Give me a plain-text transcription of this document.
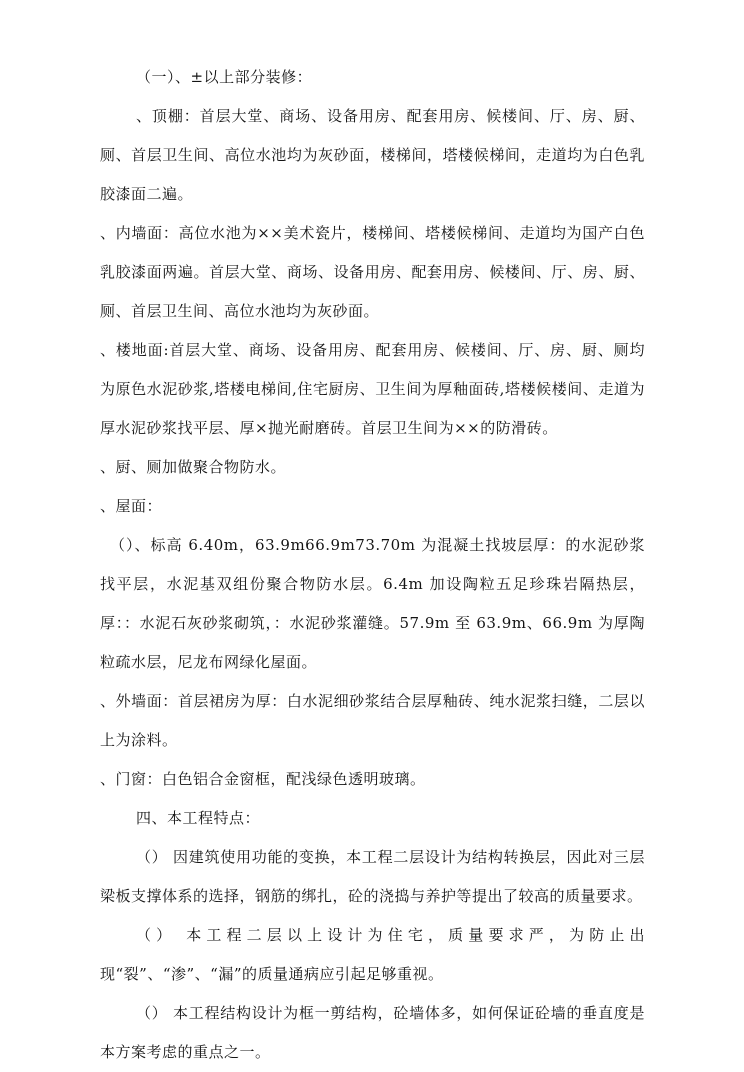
（一）、±以上部分装修：

、顶棚：首层大堂、商场、设备用房、配套用房、候楼间、厅、房、厨、厕、首层卫生间、高位水池均为灰砂面，楼梯间，塔楼候梯间，走道均为白色乳胶漆面二遍。

、内墙面：高位水池为××美术瓷片，楼梯间、塔楼候梯间、走道均为国产白色乳胶漆面两遍。首层大堂、商场、设备用房、配套用房、候楼间、厅、房、厨、厕、首层卫生间、高位水池均为灰砂面。

、楼地面:首层大堂、商场、设备用房、配套用房、候楼间、厅、房、厨、厕均为原色水泥砂浆,塔楼电梯间,住宅厨房、卫生间为厚釉面砖,塔楼候楼间、走道为厚水泥砂浆找平层、厚×抛光耐磨砖。首层卫生间为××的防滑砖。

、厨、厕加做聚合物防水。

、屋面：

（）、标高 6.40m，63.9m66.9m73.70m 为混凝土找坡层厚：的水泥砂浆找平层，水泥基双组份聚合物防水层。6.4m 加设陶粒五足珍珠岩隔热层，厚：：水泥石灰砂浆砌筑，：水泥砂浆灌缝。57.9m 至 63.9m、66.9m 为厚陶粒疏水层，尼龙布网绿化屋面。

、外墙面：首层裙房为厚：白水泥细砂浆结合层厚釉砖、纯水泥浆扫缝，二层以上为涂料。

、门窗：白色铝合金窗框，配浅绿色透明玻璃。

四、本工程特点：

（） 因建筑使用功能的变换，本工程二层设计为结构转换层，因此对三层梁板支撑体系的选择，钢筋的绑扎，砼的浇捣与养护等提出了较高的质量要求。

（） 本工程二层以上设计为住宅，质量要求严，为防止出现“裂”、“渗”、“漏”的质量通病应引起足够重视。

（） 本工程结构设计为框一剪结构，砼墙体多，如何保证砼墙的垂直度是本方案考虑的重点之一。
